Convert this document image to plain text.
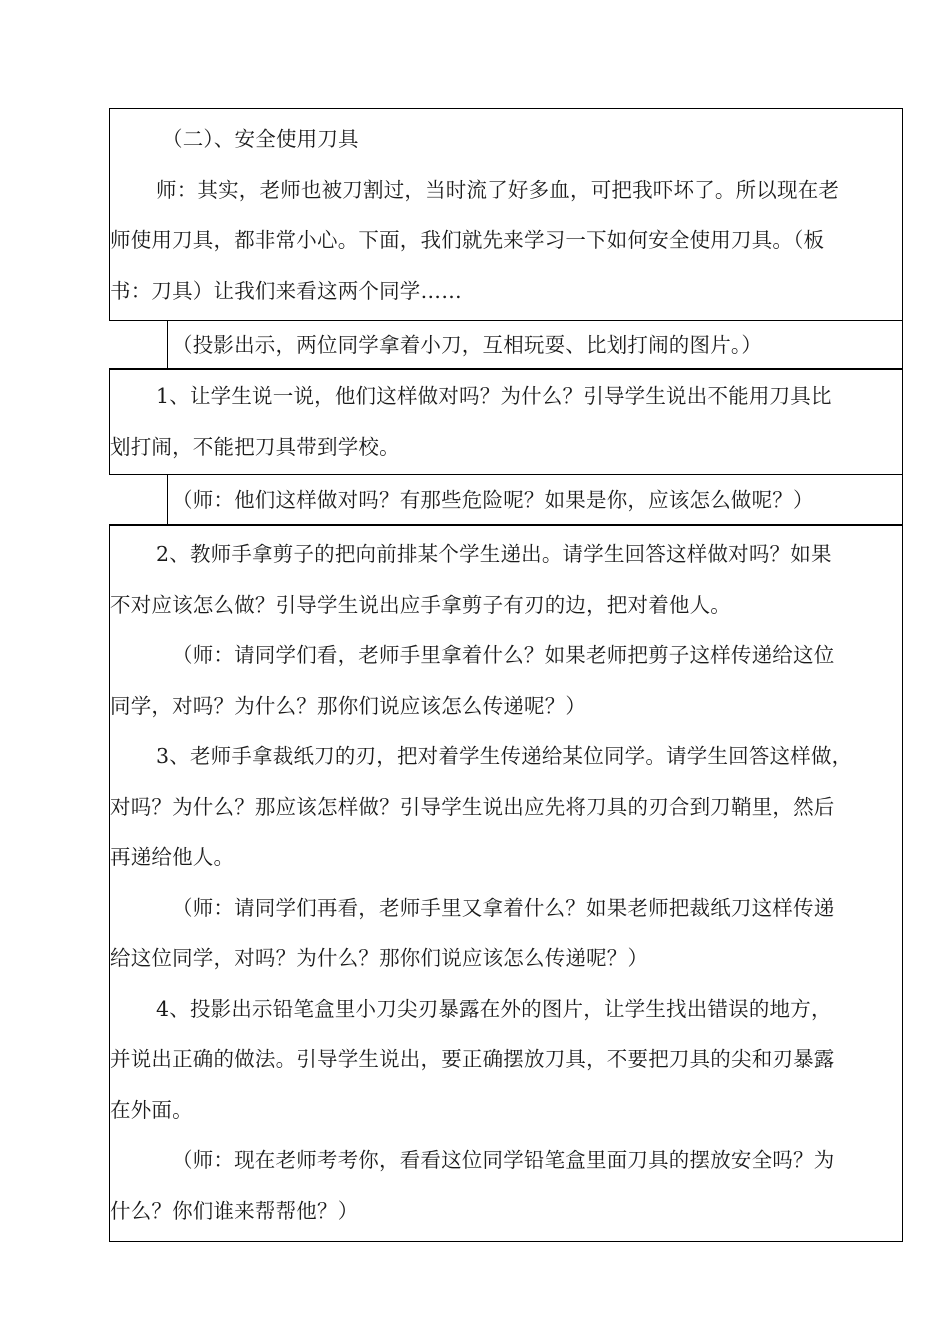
（二）、安全使用刀具

师：其实，老师也被刀割过，当时流了好多血，可把我吓坏了。所以现在老

师使用刀具，都非常小心。下面，我们就先来学习一下如何安全使用刀具。（板

书：刀具）让我们来看这两个同学……

（投影出示，两位同学拿着小刀，互相玩耍、比划打闹的图片。）

1、让学生说一说，他们这样做对吗？为什么？引导学生说出不能用刀具比

划打闹，不能把刀具带到学校。

（师：他们这样做对吗？有那些危险呢？如果是你，应该怎么做呢？）

2、教师手拿剪子的把向前排某个学生递出。请学生回答这样做对吗？如果

不对应该怎么做？引导学生说出应手拿剪子有刃的边，把对着他人。

（师：请同学们看，老师手里拿着什么？如果老师把剪子这样传递给这位

同学，对吗？为什么？那你们说应该怎么传递呢？）

3、老师手拿裁纸刀的刃，把对着学生传递给某位同学。请学生回答这样做，

对吗？为什么？那应该怎样做？引导学生说出应先将刀具的刃合到刀鞘里，然后

再递给他人。

（师：请同学们再看，老师手里又拿着什么？如果老师把裁纸刀这样传递

给这位同学，对吗？为什么？那你们说应该怎么传递呢？）

4、投影出示铅笔盒里小刀尖刃暴露在外的图片，让学生找出错误的地方，

并说出正确的做法。引导学生说出，要正确摆放刀具，不要把刀具的尖和刃暴露

在外面。

（师：现在老师考考你，看看这位同学铅笔盒里面刀具的摆放安全吗？为

什么？你们谁来帮帮他？）
